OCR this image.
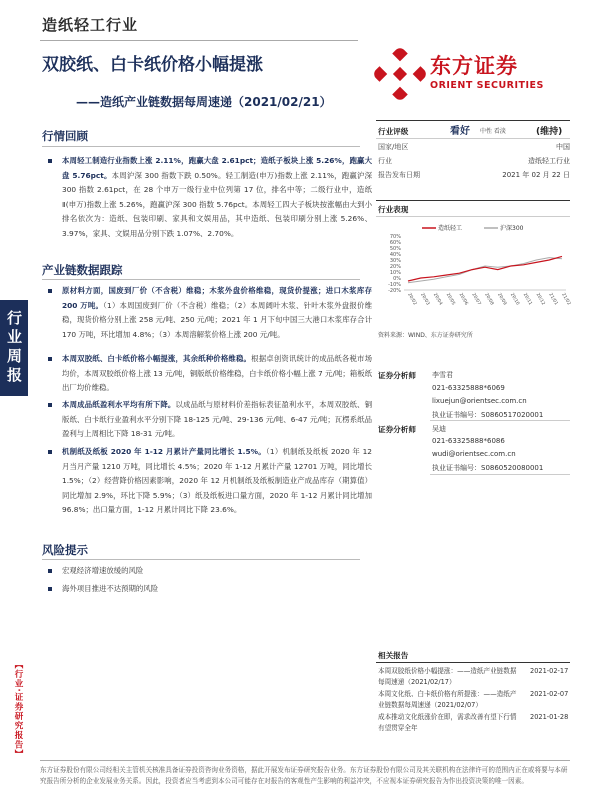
造纸轻工行业
双胶纸、白卡纸价格小幅提涨
——造纸产业链数据每周速递（2021/02/21）
东方证券
ORIENT SECURITIES
行业周报
【行业·证券研究报告】
行情回顾
本周轻工制造行业指数上涨 2.11%，跑赢大盘 2.61pct；造纸子板块上涨 5.26%，跑赢大盘 5.76pct。本周沪深 300 指数下跌 0.50%。轻工制造(申万)指数上涨 2.11%，跑赢沪深 300 指数 2.61pct，在 28 个申万一级行业中位列第 17 位，排名中等；二级行业中，造纸Ⅱ(申万)指数上涨 5.26%，跑赢沪深 300 指数 5.76pct。本周轻工四大子板块按涨幅由大到小排名依次为：造纸、包装印刷、家具和文娱用品，其中造纸、包装印刷分别上涨 5.26%、3.97%，家具、文娱用品分别下跌 1.07%、2.70%。
产业链数据跟踪
原材料方面，国废到厂价（不含税）维稳；木浆外盘价格维稳，现货价提涨；进口木浆库存 200 万吨。（1）本周国废到厂价（不含税）维稳；（2）本周阔叶木浆、针叶木浆外盘报价维稳，现货价格分别上涨 258 元/吨、250 元/吨；2021 年 1 月下旬中国三大港口木浆库存合计 170 万吨，环比增加 4.8%；（3）本周溶解浆价格上涨 200 元/吨。
本周双胶纸、白卡纸价格小幅提涨，其余纸种价格维稳。根据卓创资讯统计的成品纸各税市场均价，本周双胶纸价格上涨 13 元/吨，铜版纸价格维稳，白卡纸价格小幅上涨 7 元/吨；箱板纸出厂均价维稳。
本周成品纸盈利水平均有所下降。以成品纸与原材料价差指标表征盈利水平，本周双胶纸、铜版纸、白卡纸行业盈利水平分别下降 18-125 元/吨、29-136 元/吨、6-47 元/吨；瓦楞系纸品盈利与上周相比下降 18-31 元/吨。
机制纸及纸板 2020 年 1-12 月累计产量同比增长 1.5%。（1）机制纸及纸板 2020 年 12 月当月产量 1210 万吨，同比增长 4.5%；2020 年 1-12 月累计产量 12701 万吨，同比增长 1.5%；（2）经营降价格因素影响，2020 年 12 月机制纸及纸板制造业产成品库存（期算值）同比增加 2.9%，环比下降 5.9%；（3）纸及纸板进口量方面，2020 年 1-12 月累计同比增加 96.8%；出口量方面，1-12 月累计同比下降 23.6%。
风险提示
宏观经济增速放缓的风险
海外项目推进不达预期的风险
行业评级	看好 中性 看淡	(维持)
国家/地区	中国
行业	造纸轻工行业
报告发布日期	2021 年 02 月 22 日
行业表现
70%
60%
50%
40%
30%
20%
10%
0%
-10%
-20%
20/02 20/03 20/04 20/05 20/06 20/07 20/08 20/09 20/10 20/11 20/12 21/01 21/02
造纸轻工	沪深300
资料来源：WIND、东方证券研究所
证券分析师 李雪君
021-63325888*6069
lixuejun@orientsec.com.cn
执业证书编号：S0860517020001
证券分析师 吴迪
021-63325888*6086
wudi@orientsec.com.cn
执业证书编号：S0860520080001
相关报告
本周双胶纸价格小幅提涨：——造纸产业链数据每周速递（2021/02/17）
2021-02-17
本周文化纸、白卡纸价格有所提涨：——造纸产业链数据每周速递（2021/02/07）
2021-02-07
成本推动文化纸涨价在即，需求改善有望下行情有望贯穿全年
2021-01-28
东方证券股份有限公司经相关主管机关核准具备证券投资咨询业务资格，据此开展发布证券研究报告业务。东方证券股份有限公司及其关联机构在法律许可的范围内正在或将要与本研究报告所分析的企业发展业务关系。因此，投资者应当考虑到本公司可能存在对报告的客观性产生影响的利益冲突，不应视本证券研究报告为作出投资决策的唯一因素。
